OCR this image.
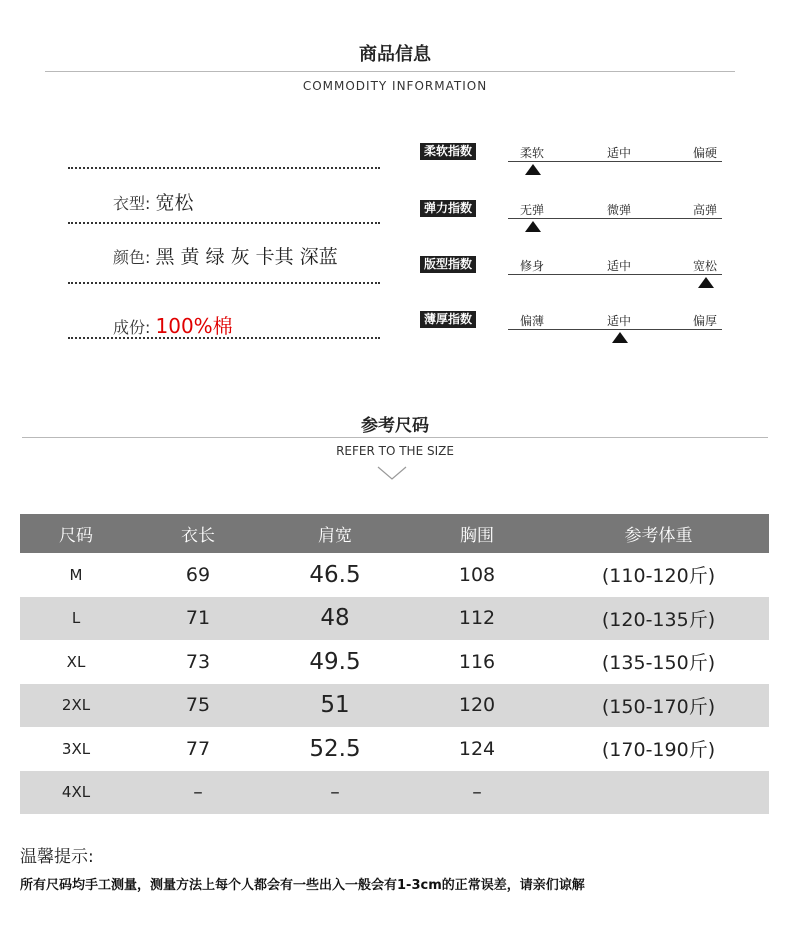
商品信息
COMMODITY INFORMATION
衣型: 宽松
颜色: 黑 黄 绿 灰 卡其 深蓝
成份: 100%棉
柔软指数	柔软	适中	偏硬
弹力指数	无弹	微弹	高弹
版型指数	修身	适中	宽松
薄厚指数	偏薄	适中	偏厚
参考尺码
REFER TO THE SIZE
尺码	衣长	肩宽	胸围	参考体重
M	69	46.5	108	(110-120斤)
L	71	48	112	(120-135斤)
XL	73	49.5	116	(135-150斤)
2XL	75	51	120	(150-170斤)
3XL	77	52.5	124	(170-190斤)
4XL	–	–	–	
温馨提示:
所有尺码均手工测量，测量方法上每个人都会有一些出入一般会有1-3cm的正常误差，请亲们谅解
